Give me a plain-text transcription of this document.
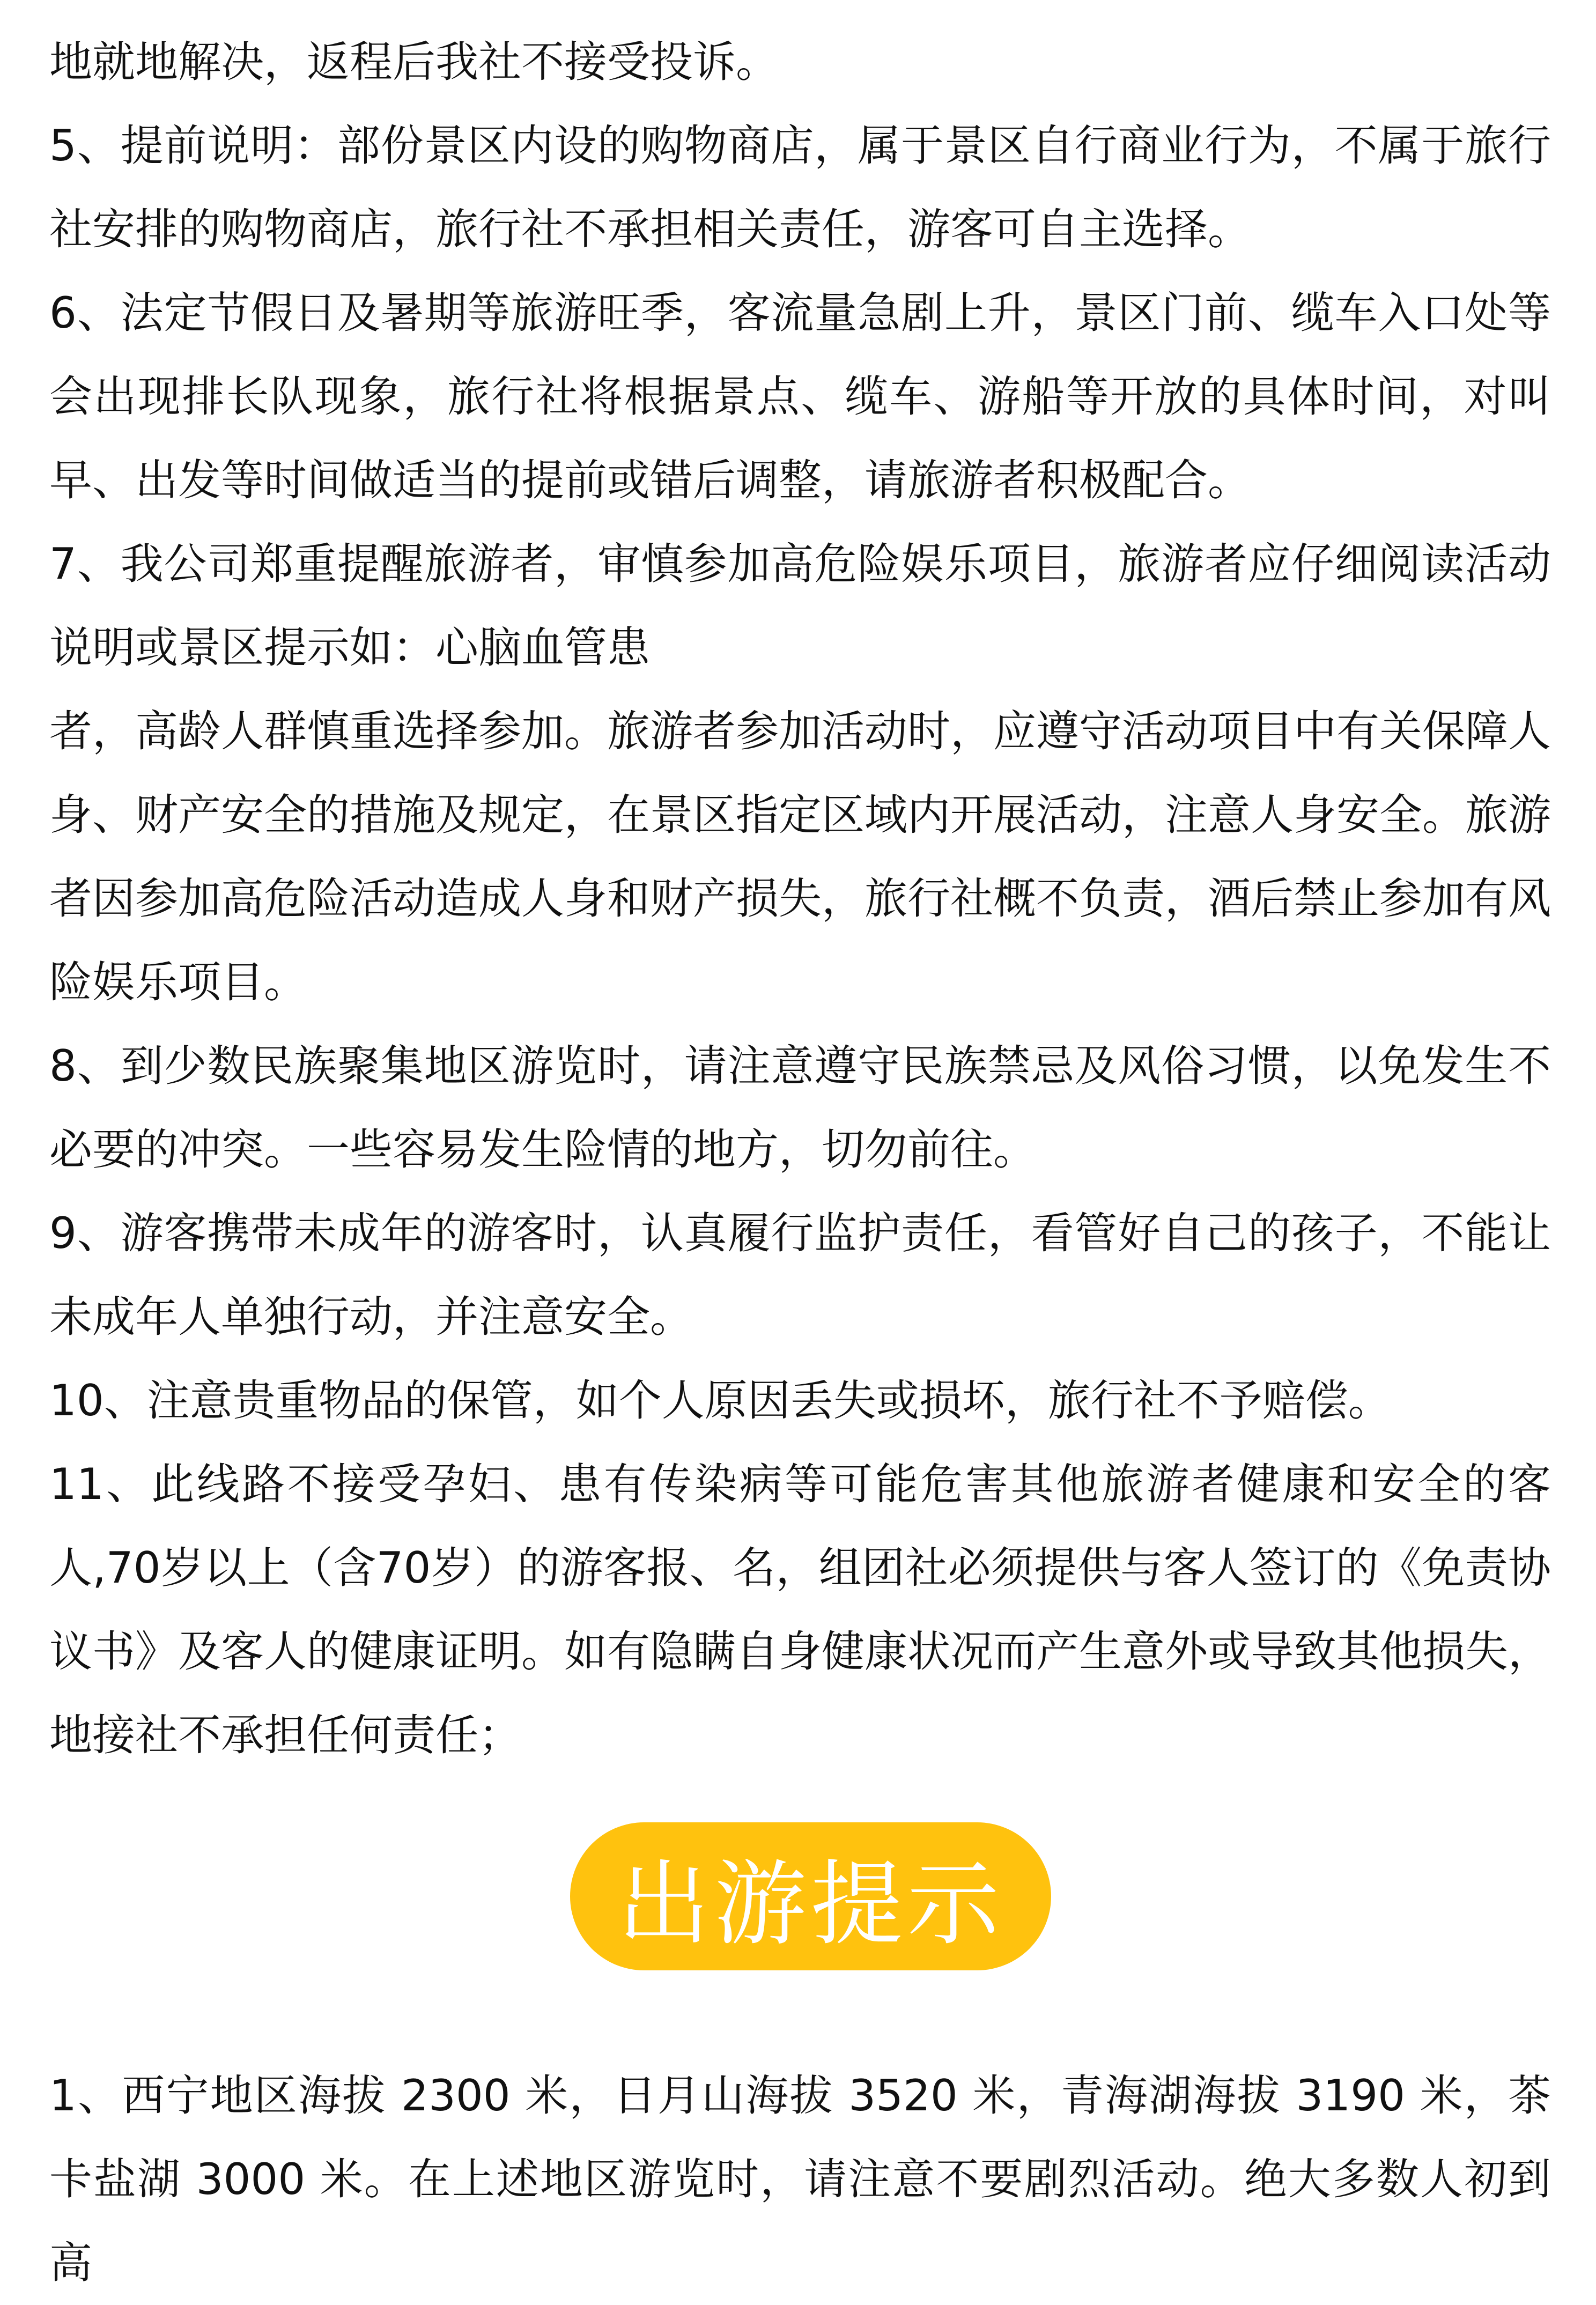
地就地解决，返程后我社不接受投诉。

5、提前说明：部份景区内设的购物商店，属于景区自行商业行为，不属于旅行社安排的购物商店，旅行社不承担相关责任，游客可自主选择。

6、法定节假日及暑期等旅游旺季，客流量急剧上升，景区门前、缆车入口处等会出现排长队现象，旅行社将根据景点、缆车、游船等开放的具体时间，对叫早、出发等时间做适当的提前或错后调整，请旅游者积极配合。

7、我公司郑重提醒旅游者，审慎参加高危险娱乐项目，旅游者应仔细阅读活动说明或景区提示如：心脑血管患

者，高龄人群慎重选择参加。旅游者参加活动时，应遵守活动项目中有关保障人身、财产安全的措施及规定，在景区指定区域内开展活动，注意人身安全。旅游者因参加高危险活动造成人身和财产损失，旅行社概不负责，酒后禁止参加有风险娱乐项目。

8、到少数民族聚集地区游览时，请注意遵守民族禁忌及风俗习惯，以免发生不必要的冲突。一些容易发生险情的地方，切勿前往。

9、游客携带未成年的游客时，认真履行监护责任，看管好自己的孩子，不能让未成年人单独行动，并注意安全。

10、注意贵重物品的保管，如个人原因丢失或损坏，旅行社不予赔偿。

11、此线路不接受孕妇、患有传染病等可能危害其他旅游者健康和安全的客人,70岁以上（含70岁）的游客报、名，组团社必须提供与客人签订的《免责协议书》及客人的健康证明。如有隐瞒自身健康状况而产生意外或导致其他损失，地接社不承担任何责任；

出游提示

1、西宁地区海拔 2300 米，日月山海拔 3520 米，青海湖海拔 3190 米，茶卡盐湖 3000 米。在上述地区游览时，请注意不要剧烈活动。绝大多数人初到高
